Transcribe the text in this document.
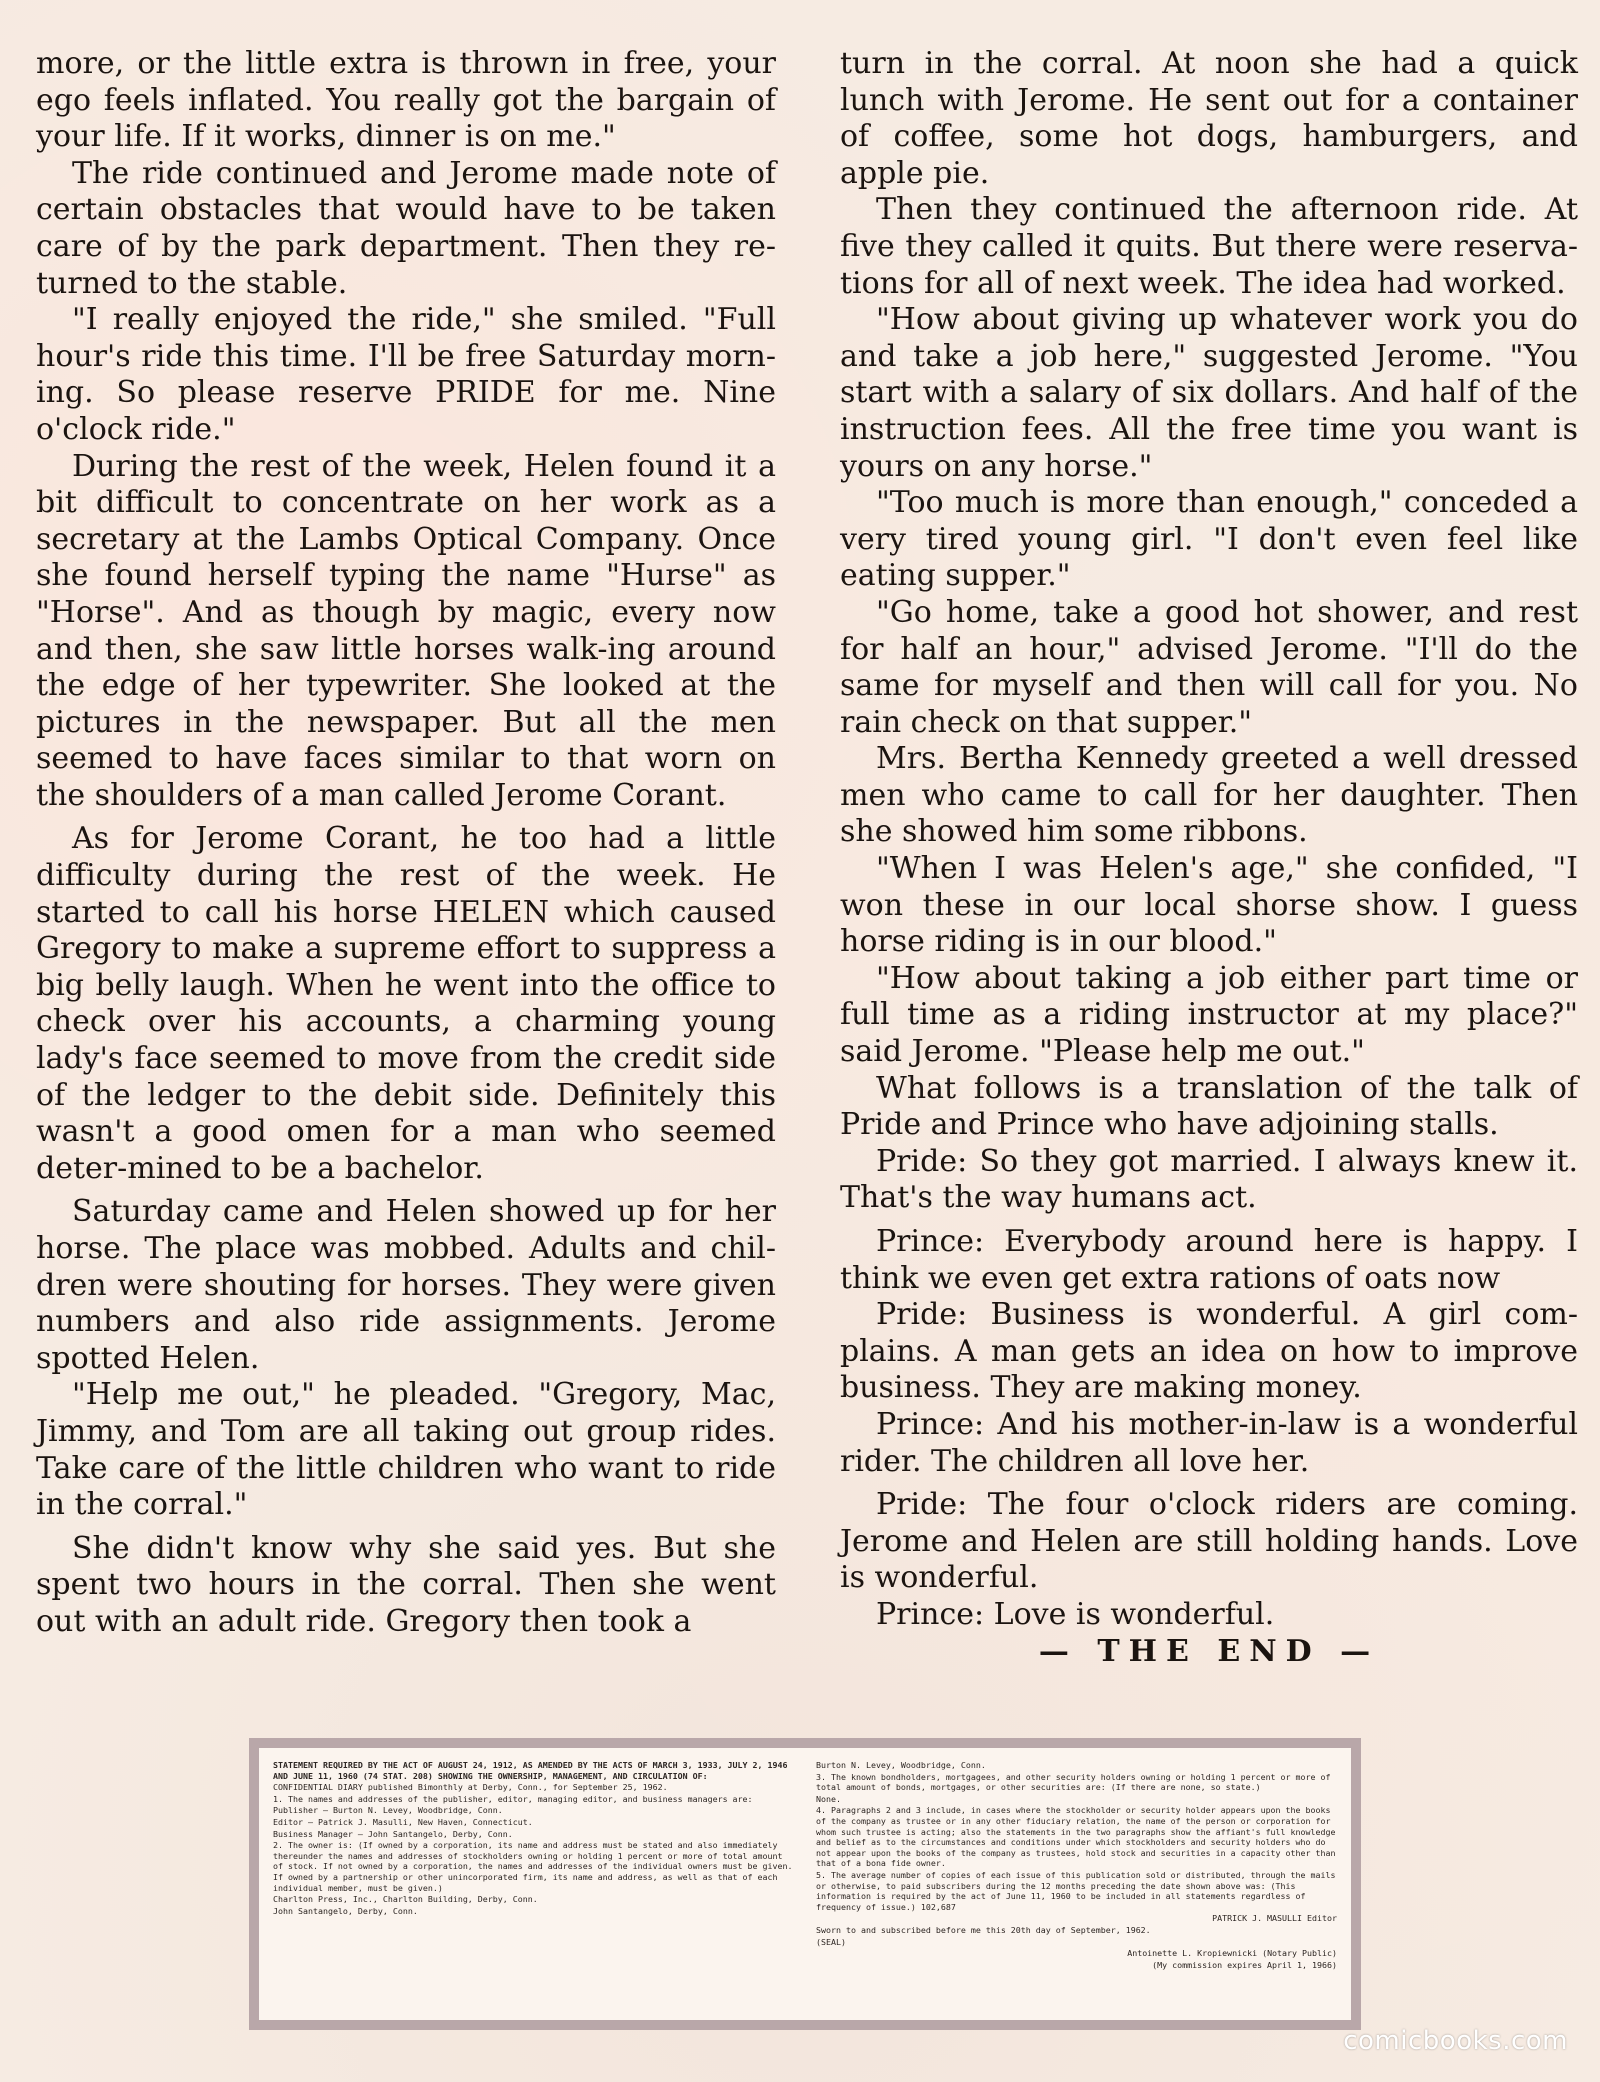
more, or the little extra is thrown in free, your ego feels inflated. You really got the bargain of your life. If it works, dinner is on me."

The ride continued and Jerome made note of certain obstacles that would have to be taken care of by the park department. Then they re-turned to the stable.

"I really enjoyed the ride," she smiled. "Full hour's ride this time. I'll be free Saturday morn-ing. So please reserve PRIDE for me. Nine o'clock ride."

During the rest of the week, Helen found it a bit difficult to concentrate on her work as a secretary at the Lambs Optical Company. Once she found herself typing the name "Hurse" as "Horse". And as though by magic, every now and then, she saw little horses walk-ing around the edge of her typewriter. She looked at the pictures in the newspaper. But all the men seemed to have faces similar to that worn on the shoulders of a man called Jerome Corant.

As for Jerome Corant, he too had a little difficulty during the rest of the week. He started to call his horse HELEN which caused Gregory to make a supreme effort to suppress a big belly laugh. When he went into the office to check over his accounts, a charming young lady's face seemed to move from the credit side of the ledger to the debit side. Definitely this wasn't a good omen for a man who seemed deter-mined to be a bachelor.

Saturday came and Helen showed up for her horse. The place was mobbed. Adults and chil-dren were shouting for horses. They were given numbers and also ride assignments. Jerome spotted Helen.

"Help me out," he pleaded. "Gregory, Mac, Jimmy, and Tom are all taking out group rides. Take care of the little children who want to ride in the corral."

She didn't know why she said yes. But she spent two hours in the corral. Then she went out with an adult ride. Gregory then took a

turn in the corral. At noon she had a quick lunch with Jerome. He sent out for a container of coffee, some hot dogs, hamburgers, and apple pie.

Then they continued the afternoon ride. At five they called it quits. But there were reserva-tions for all of next week. The idea had worked.

"How about giving up whatever work you do and take a job here," suggested Jerome. "You start with a salary of six dollars. And half of the instruction fees. All the free time you want is yours on any horse."

"Too much is more than enough," conceded a very tired young girl. "I don't even feel like eating supper."

"Go home, take a good hot shower, and rest for half an hour," advised Jerome. "I'll do the same for myself and then will call for you. No rain check on that supper."

Mrs. Bertha Kennedy greeted a well dressed men who came to call for her daughter. Then she showed him some ribbons.

"When I was Helen's age," she confided, "I won these in our local shorse show. I guess horse riding is in our blood."

"How about taking a job either part time or full time as a riding instructor at my place?" said Jerome. "Please help me out."

What follows is a translation of the talk of Pride and Prince who have adjoining stalls.

Pride: So they got married. I always knew it. That's the way humans act.

Prince: Everybody around here is happy. I think we even get extra rations of oats now

Pride: Business is wonderful. A girl com-plains. A man gets an idea on how to improve business. They are making money.

Prince: And his mother-in-law is a wonderful rider. The children all love her.

Pride: The four o'clock riders are coming. Jerome and Helen are still holding hands. Love is wonderful.

Prince: Love is wonderful.

— THE END —

STATEMENT REQUIRED BY THE ACT OF AUGUST 24, 1912, AS AMENDED BY THE ACTS OF MARCH 3, 1933, JULY 2, 1946 AND JUNE 11, 1960 (74 STAT. 208) SHOWING THE OWNERSHIP, MANAGEMENT, AND CIRCULATION OF:

CONFIDENTIAL DIARY published Bimonthly at Derby, Conn., for September 25, 1962.

1. The names and addresses of the publisher, editor, managing editor, and business managers are:

Publisher — Burton N. Levey, Woodbridge, Conn.

Editor — Patrick J. Masulli, New Haven, Connecticut.

Business Manager — John Santangelo, Derby, Conn.

2. The owner is: (If owned by a corporation, its name and address must be stated and also immediately thereunder the names and addresses of stockholders owning or holding 1 percent or more of total amount of stock. If not owned by a corporation, the names and addresses of the individual owners must be given. If owned by a partnership or other unincorporated firm, its name and address, as well as that of each individual member, must be given.)

Charlton Press, Inc., Charlton Building, Derby, Conn.

John Santangelo, Derby, Conn.

Burton N. Levey, Woodbridge, Conn.

3. The known bondholders, mortgagees, and other security holders owning or holding 1 percent or more of total amount of bonds, mortgages, or other securities are: (If there are none, so state.)

None.

4. Paragraphs 2 and 3 include, in cases where the stockholder or security holder appears upon the books of the company as trustee or in any other fiduciary relation, the name of the person or corporation for whom such trustee is acting; also the statements in the two paragraphs show the affiant's full knowledge and belief as to the circumstances and conditions under which stockholders and security holders who do not appear upon the books of the company as trustees, hold stock and securities in a capacity other than that of a bona fide owner.

5. The average number of copies of each issue of this publication sold or distributed, through the mails or otherwise, to paid subscribers during the 12 months preceding the date shown above was: (This information is required by the act of June 11, 1960 to be included in all statements regardless of frequency of issue.) 102,687

PATRICK J. MASULLI Editor

Sworn to and subscribed before me this 20th day of September, 1962.

(SEAL)

Antoinette L. Kropiewnicki (Notary Public)

(My commission expires April 1, 1966)

comicbooks.com
